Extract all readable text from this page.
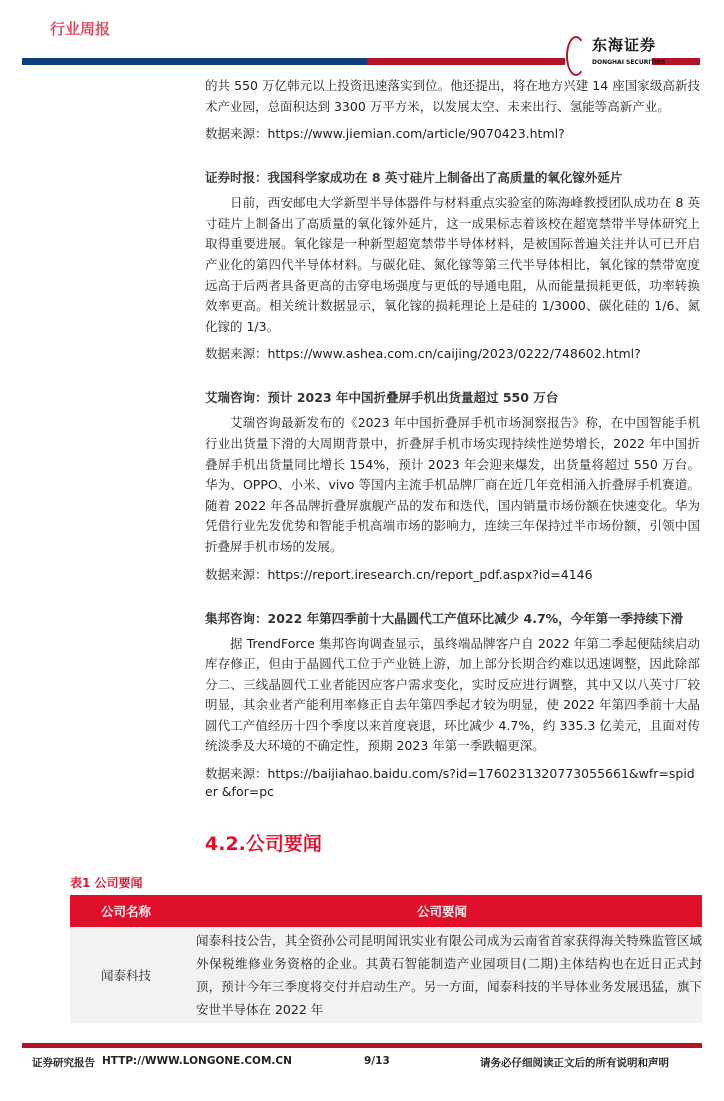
行业周报
东海证券
DONGHAI SECURITIES

的共 550 万亿韩元以上投资迅速落实到位。他还提出，将在地方兴建 14 座国家级高新技术产业园，总面积达到 3300 万平方米，以发展太空、未来出行、氢能等高新产业。

数据来源：https://www.jiemian.com/article/9070423.html?
证券时报：我国科学家成功在 8 英寸硅片上制备出了高质量的氧化镓外延片

日前，西安邮电大学新型半导体器件与材料重点实验室的陈海峰教授团队成功在 8 英寸硅片上制备出了高质量的氧化镓外延片，这一成果标志着该校在超宽禁带半导体研究上取得重要进展。氧化镓是一种新型超宽禁带半导体材料，是被国际普遍关注并认可已开启产业化的第四代半导体材料。与碳化硅、氮化镓等第三代半导体相比，氧化镓的禁带宽度远高于后两者具备更高的击穿电场强度与更低的导通电阻，从而能量损耗更低，功率转换效率更高。相关统计数据显示，氧化镓的损耗理论上是硅的 1/3000、碳化硅的 1/6、氮化镓的 1/3。

数据来源：https://www.ashea.com.cn/caijing/2023/0222/748602.html?
艾瑞咨询：预计 2023 年中国折叠屏手机出货量超过 550 万台

艾瑞咨询最新发布的《2023 年中国折叠屏手机市场洞察报告》称，在中国智能手机行业出货量下滑的大周期背景中，折叠屏手机市场实现持续性逆势增长，2022 年中国折叠屏手机出货量同比增长 154%，预计 2023 年会迎来爆发，出货量将超过 550 万台。华为、OPPO、小米、vivo 等国内主流手机品牌厂商在近几年竞相涌入折叠屏手机赛道。随着 2022 年各品牌折叠屏旗舰产品的发布和迭代，国内销量市场份额在快速变化。华为凭借行业先发优势和智能手机高端市场的影响力，连续三年保持过半市场份额，引领中国折叠屏手机市场的发展。

数据来源：https://report.iresearch.cn/report_pdf.aspx?id=4146
集邦咨询：2022 年第四季前十大晶圆代工产值环比减少 4.7%，今年第一季持续下滑

据 TrendForce 集邦咨询调查显示，虽终端品牌客户自 2022 年第二季起便陆续启动库存修正，但由于晶圆代工位于产业链上游，加上部分长期合约难以迅速调整，因此除部分二、三线晶圆代工业者能因应客户需求变化，实时反应进行调整，其中又以八英寸厂较明显，其余业者产能利用率修正自去年第四季起才较为明显，使 2022 年第四季前十大晶圆代工产值经历十四个季度以来首度衰退，环比减少 4.7%，约 335.3 亿美元，且面对传统淡季及大环境的不确定性，预期 2023 年第一季跌幅更深。

数据来源：https://baijiahao.baidu.com/s?id=1760231320773055661&wfr=spider &for=pc
4.2.公司要闻
表1 公司要闻
公司名称	公司要闻
闻泰科技	闻泰科技公告，其全资孙公司昆明闻讯实业有限公司成为云南省首家获得海关特殊监管区域外保税维修业务资格的企业。其黄石智能制造产业园项目(二期)主体结构也在近日正式封顶，预计今年三季度将交付并启动生产。另一方面，闻泰科技的半导体业务发展迅猛，旗下安世半导体在 2022 年
证券研究报告 HTTP://WWW.LONGONE.COM.CN	9/13	请务必仔细阅读正文后的所有说明和声明
